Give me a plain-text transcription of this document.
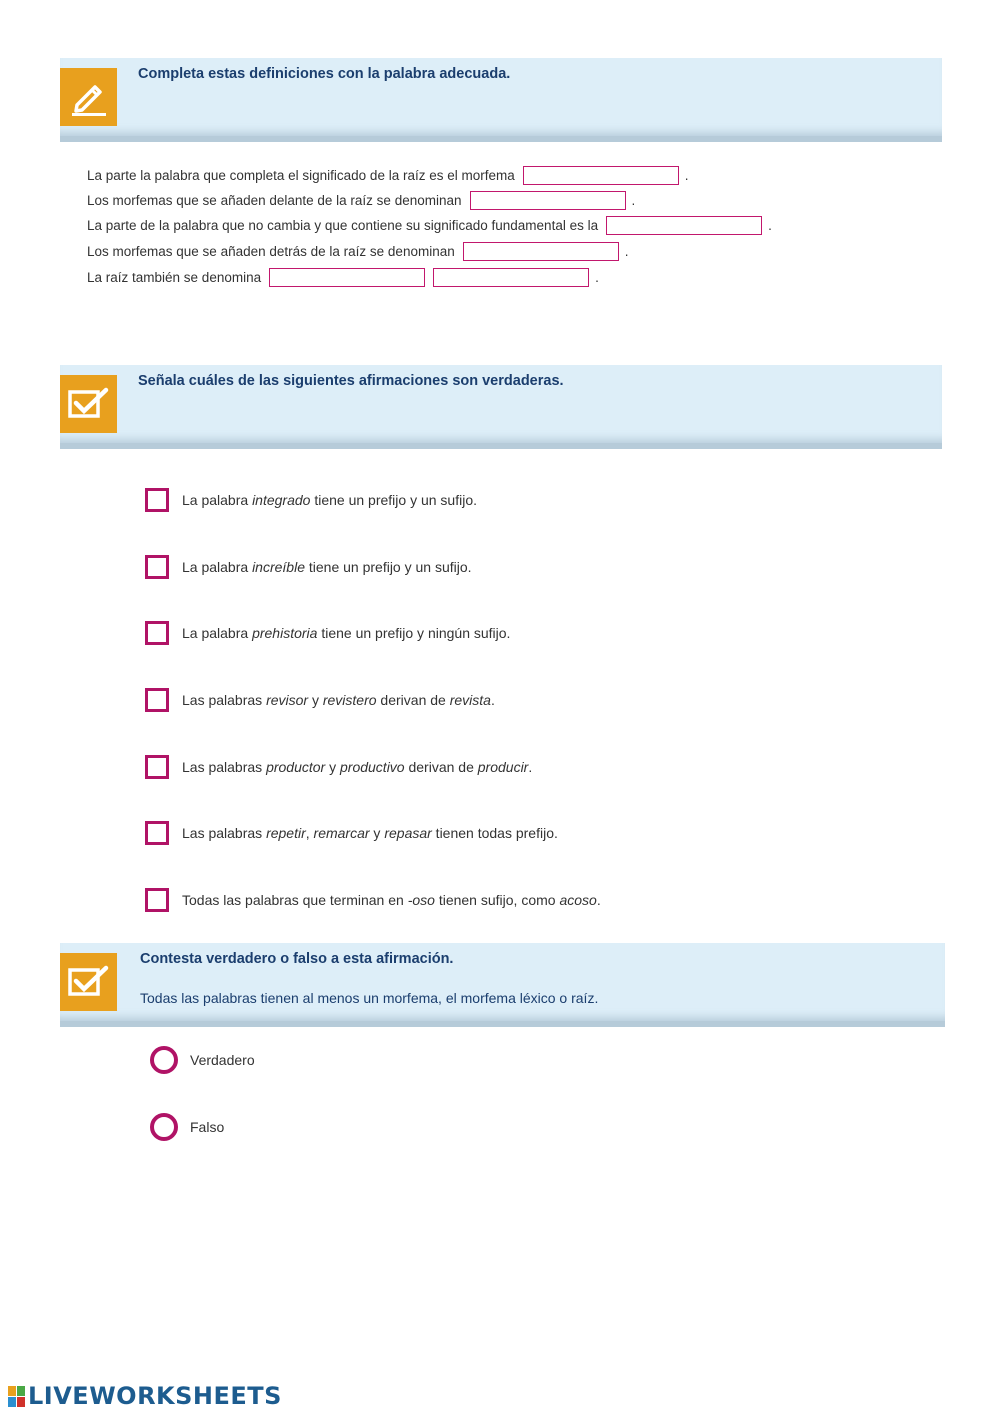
Completa estas definiciones con la palabra adecuada.
La parte la palabra que completa el significado de la raíz es el morfema	.
Los morfemas que se añaden delante de la raíz se denominan	.
La parte de la palabra que no cambia y que contiene su significado fundamental es la	.
Los morfemas que se añaden detrás de la raíz se denominan	.
La raíz también se denomina	.
Señala cuáles de las siguientes afirmaciones son verdaderas.
La palabra integrado tiene un prefijo y un sufijo.
La palabra increíble tiene un prefijo y un sufijo.
La palabra prehistoria tiene un prefijo y ningún sufijo.
Las palabras revisor y revistero derivan de revista.
Las palabras productor y productivo derivan de producir.
Las palabras repetir, remarcar y repasar tienen todas prefijo.
Todas las palabras que terminan en -oso tienen sufijo, como acoso.
Contesta verdadero o falso a esta afirmación.
Todas las palabras tienen al menos un morfema, el morfema léxico o raíz.
Verdadero
Falso
LIVEWORKSHEETS
